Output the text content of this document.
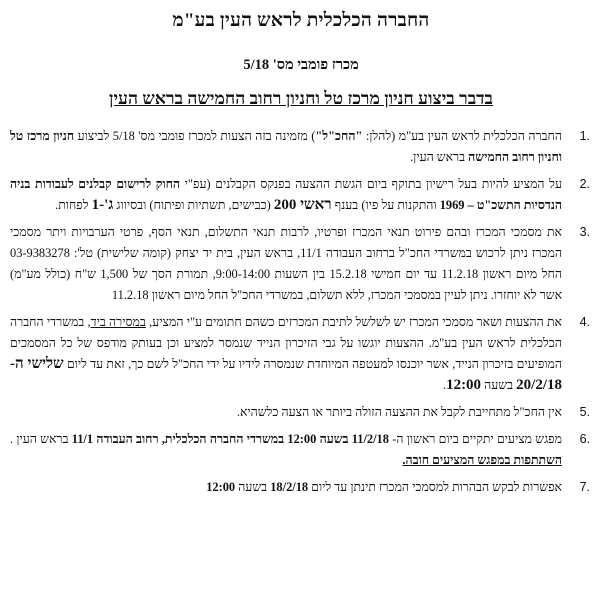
החברה הכלכלית לראש העין בע"מ
מכרז פומבי מס' 5/18
בדבר ביצוע חניון מרכז טל וחניון רחוב החמישה בראש העין
1.
החברה הכלכלית לראש העין בע"מ (להלן: "החכ"ל") מזמינה בזה הצעות למכרז פומבי מס' 5/18 לביצוע חניון מרכז טל וחניון רחוב החמישה בראש העין.
2.
על המציע להיות בעל רישיון בתוקף ביום הגשת ההצעה בפנקס הקבלנים (עפ"י החוק לרישום קבלנים לעבודות בניה הנדסיות התשכ"ט – 1969 והתקנות על פיו) בענף ראשי 200 (כבישים, תשתיות ופיתוח) ובסיווג ג'-1 לפחות.
3.
את מסמכי המכרז ובהם פירוט תנאי המכרז ופרטיו, לרבות תנאי התשלום, תנאי הסף, פרטי הערבויות ויתר מסמכי המכרז ניתן לרכוש במשרדי החכ"ל ברחוב העבודה 11/1, בראש העין, בית יד יצחק (קומה שלישית) טל': 03-9383278 החל מיום ראשון 11.2.18 עד יום חמישי 15.2.18 בין השעות 9:00-14:00, תמורת הסך של 1,500 ש"ח (כולל מע"מ) אשר לא יוחזרו. ניתן לעיין במסמכי המכרז, ללא תשלום, במשרדי החכ"ל החל מיום ראשון 11.2.18
4.
את ההצעות ושאר מסמכי המכרז יש לשלשל לתיבת המכרזים כשהם חתומים ע"י המציע, במסירה ביד, במשרדי החברה הכלכלית לראש העין בע"מ. ההצעות יוגשו על גבי הזיכרון הנייד שנמסר למציע וכן בעותק מודפס של כל המסמכים המופיעים בזיכרון הנייד, אשר יוכנסו למעטפה המיוחדת שנמסרה לידיו על ידי החכ"ל לשם כך, זאת עד ליום שלישי ה- 20/2/18 בשעה 12:00.
5.
אין החכ"ל מתחייבת לקבל את ההצעה הזולה ביותר או הצעה כלשהיא.
6.
מפגש מציעים יתקיים ביום ראשון ה- 11/2/18 בשעה 12:00 במשרדי החברה הכלכלית, רחוב העבודה 11/1 בראש העין . השתתפות במפגש המציעים חובה.
7.
אפשרות לבקש הבהרות למסמכי המכרז תינתן עד ליום 18/2/18 בשעה 12:00
